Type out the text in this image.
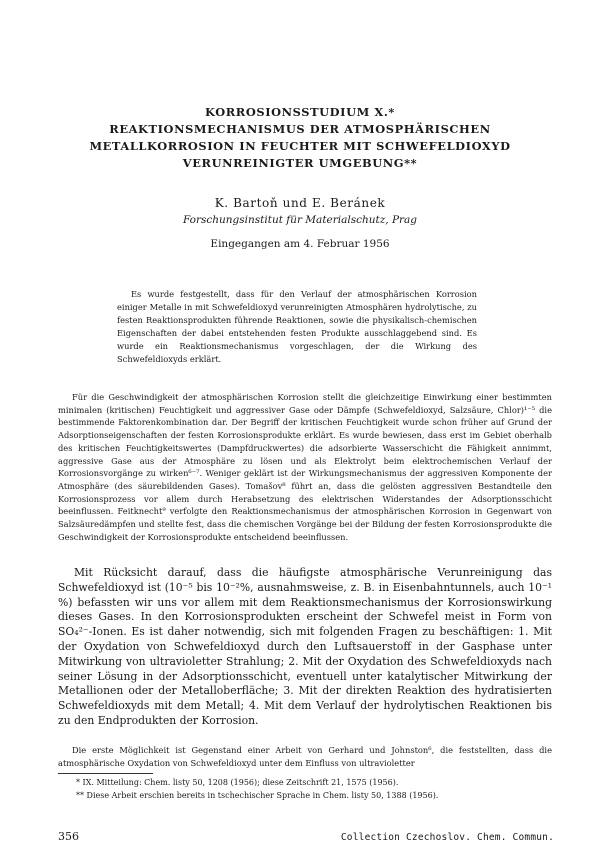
KORROSIONSSTUDIUM X.*
REAKTIONSMECHANISMUS DER ATMOSPHÄRISCHEN METALLKORROSION IN FEUCHTER MIT SCHWEFELDIOXYD VERUNREINIGTER UMGEBUNG**
K. Bartoň und E. Beránek
Forschungsinstitut für Materialschutz, Prag
Eingegangen am 4. Februar 1956
Es wurde festgestellt, dass für den Verlauf der atmosphärischen Korrosion einiger Metalle in mit Schwefeldioxyd verunreinigten Atmosphären hydrolytische, zu festen Reaktionsprodukten führende Reaktionen, sowie die physikalisch-chemischen Eigenschaften der dabei entstehenden festen Produkte ausschlaggebend sind. Es wurde ein Reaktionsmechanismus vorgeschlagen, der die Wirkung des Schwefeldioxyds erklärt.
Für die Geschwindigkeit der atmosphärischen Korrosion stellt die gleichzeitige Einwirkung einer bestimmten minimalen (kritischen) Feuchtigkeit und aggressiver Gase oder Dämpfe (Schwefeldioxyd, Salzsäure, Chlor)¹⁻⁵ die bestimmende Faktorenkombination dar. Der Begriff der kritischen Feuchtigkeit wurde schon früher auf Grund der Adsorptionseigenschaften der festen Korrosionsprodukte erklärt. Es wurde bewiesen, dass erst im Gebiet oberhalb des kritischen Feuchtigkeitswertes (Dampfdruckwertes) die adsorbierte Wasserschicht die Fähigkeit annimmt, aggressive Gase aus der Atmosphäre zu lösen und als Elektrolyt beim elektrochemischen Verlauf der Korrosionsvorgänge zu wirken⁶⁻⁷. Weniger geklärt ist der Wirkungsmechanismus der aggressiven Komponente der Atmosphäre (des säurebildenden Gases). Tomašov⁸ führt an, dass die gelösten aggressiven Bestandteile den Korrosionsprozess vor allem durch Herabsetzung des elektrischen Widerstandes der Adsorptionsschicht beeinflussen. Feitknecht⁹ verfolgte den Reaktionsmechanismus der atmosphärischen Korrosion in Gegenwart von Salzsäuredämpfen und stellte fest, dass die chemischen Vorgänge bei der Bildung der festen Korrosionsprodukte die Geschwindigkeit der Korrosionsprodukte entscheidend beeinflussen.
Mit Rücksicht darauf, dass die häufigste atmosphärische Verunreinigung das Schwefeldioxyd ist (10⁻⁵ bis 10⁻²%, ausnahmsweise, z. B. in Eisenbahntunnels, auch 10⁻¹ %) befassten wir uns vor allem mit dem Reaktionsmechanismus der Korrosionswirkung dieses Gases. In den Korrosionsprodukten erscheint der Schwefel meist in Form von SO₄²⁻-Ionen. Es ist daher notwendig, sich mit folgenden Fragen zu beschäftigen: 1. Mit der Oxydation von Schwefeldioxyd durch den Luftsauerstoff in der Gasphase unter Mitwirkung von ultravioletter Strahlung; 2. Mit der Oxydation des Schwefeldioxyds nach seiner Lösung in der Adsorptionsschicht, eventuell unter katalytischer Mitwirkung der Metallionen oder der Metalloberfläche; 3. Mit der direkten Reaktion des hydratisierten Schwefeldioxyds mit dem Metall; 4. Mit dem Verlauf der hydrolytischen Reaktionen bis zu den Endprodukten der Korrosion.
Die erste Möglichkeit ist Gegenstand einer Arbeit von Gerhard und Johnston⁶, die feststellten, dass die atmosphärische Oxydation von Schwefeldioxyd unter dem Einfluss von ultravioletter
* IX. Mitteilung: Chem. listy 50, 1208 (1956); diese Zeitschrift 21, 1575 (1956).
** Diese Arbeit erschien bereits in tschechischer Sprache in Chem. listy 50, 1388 (1956).
356	Collection Czechoslov. Chem. Commun.
